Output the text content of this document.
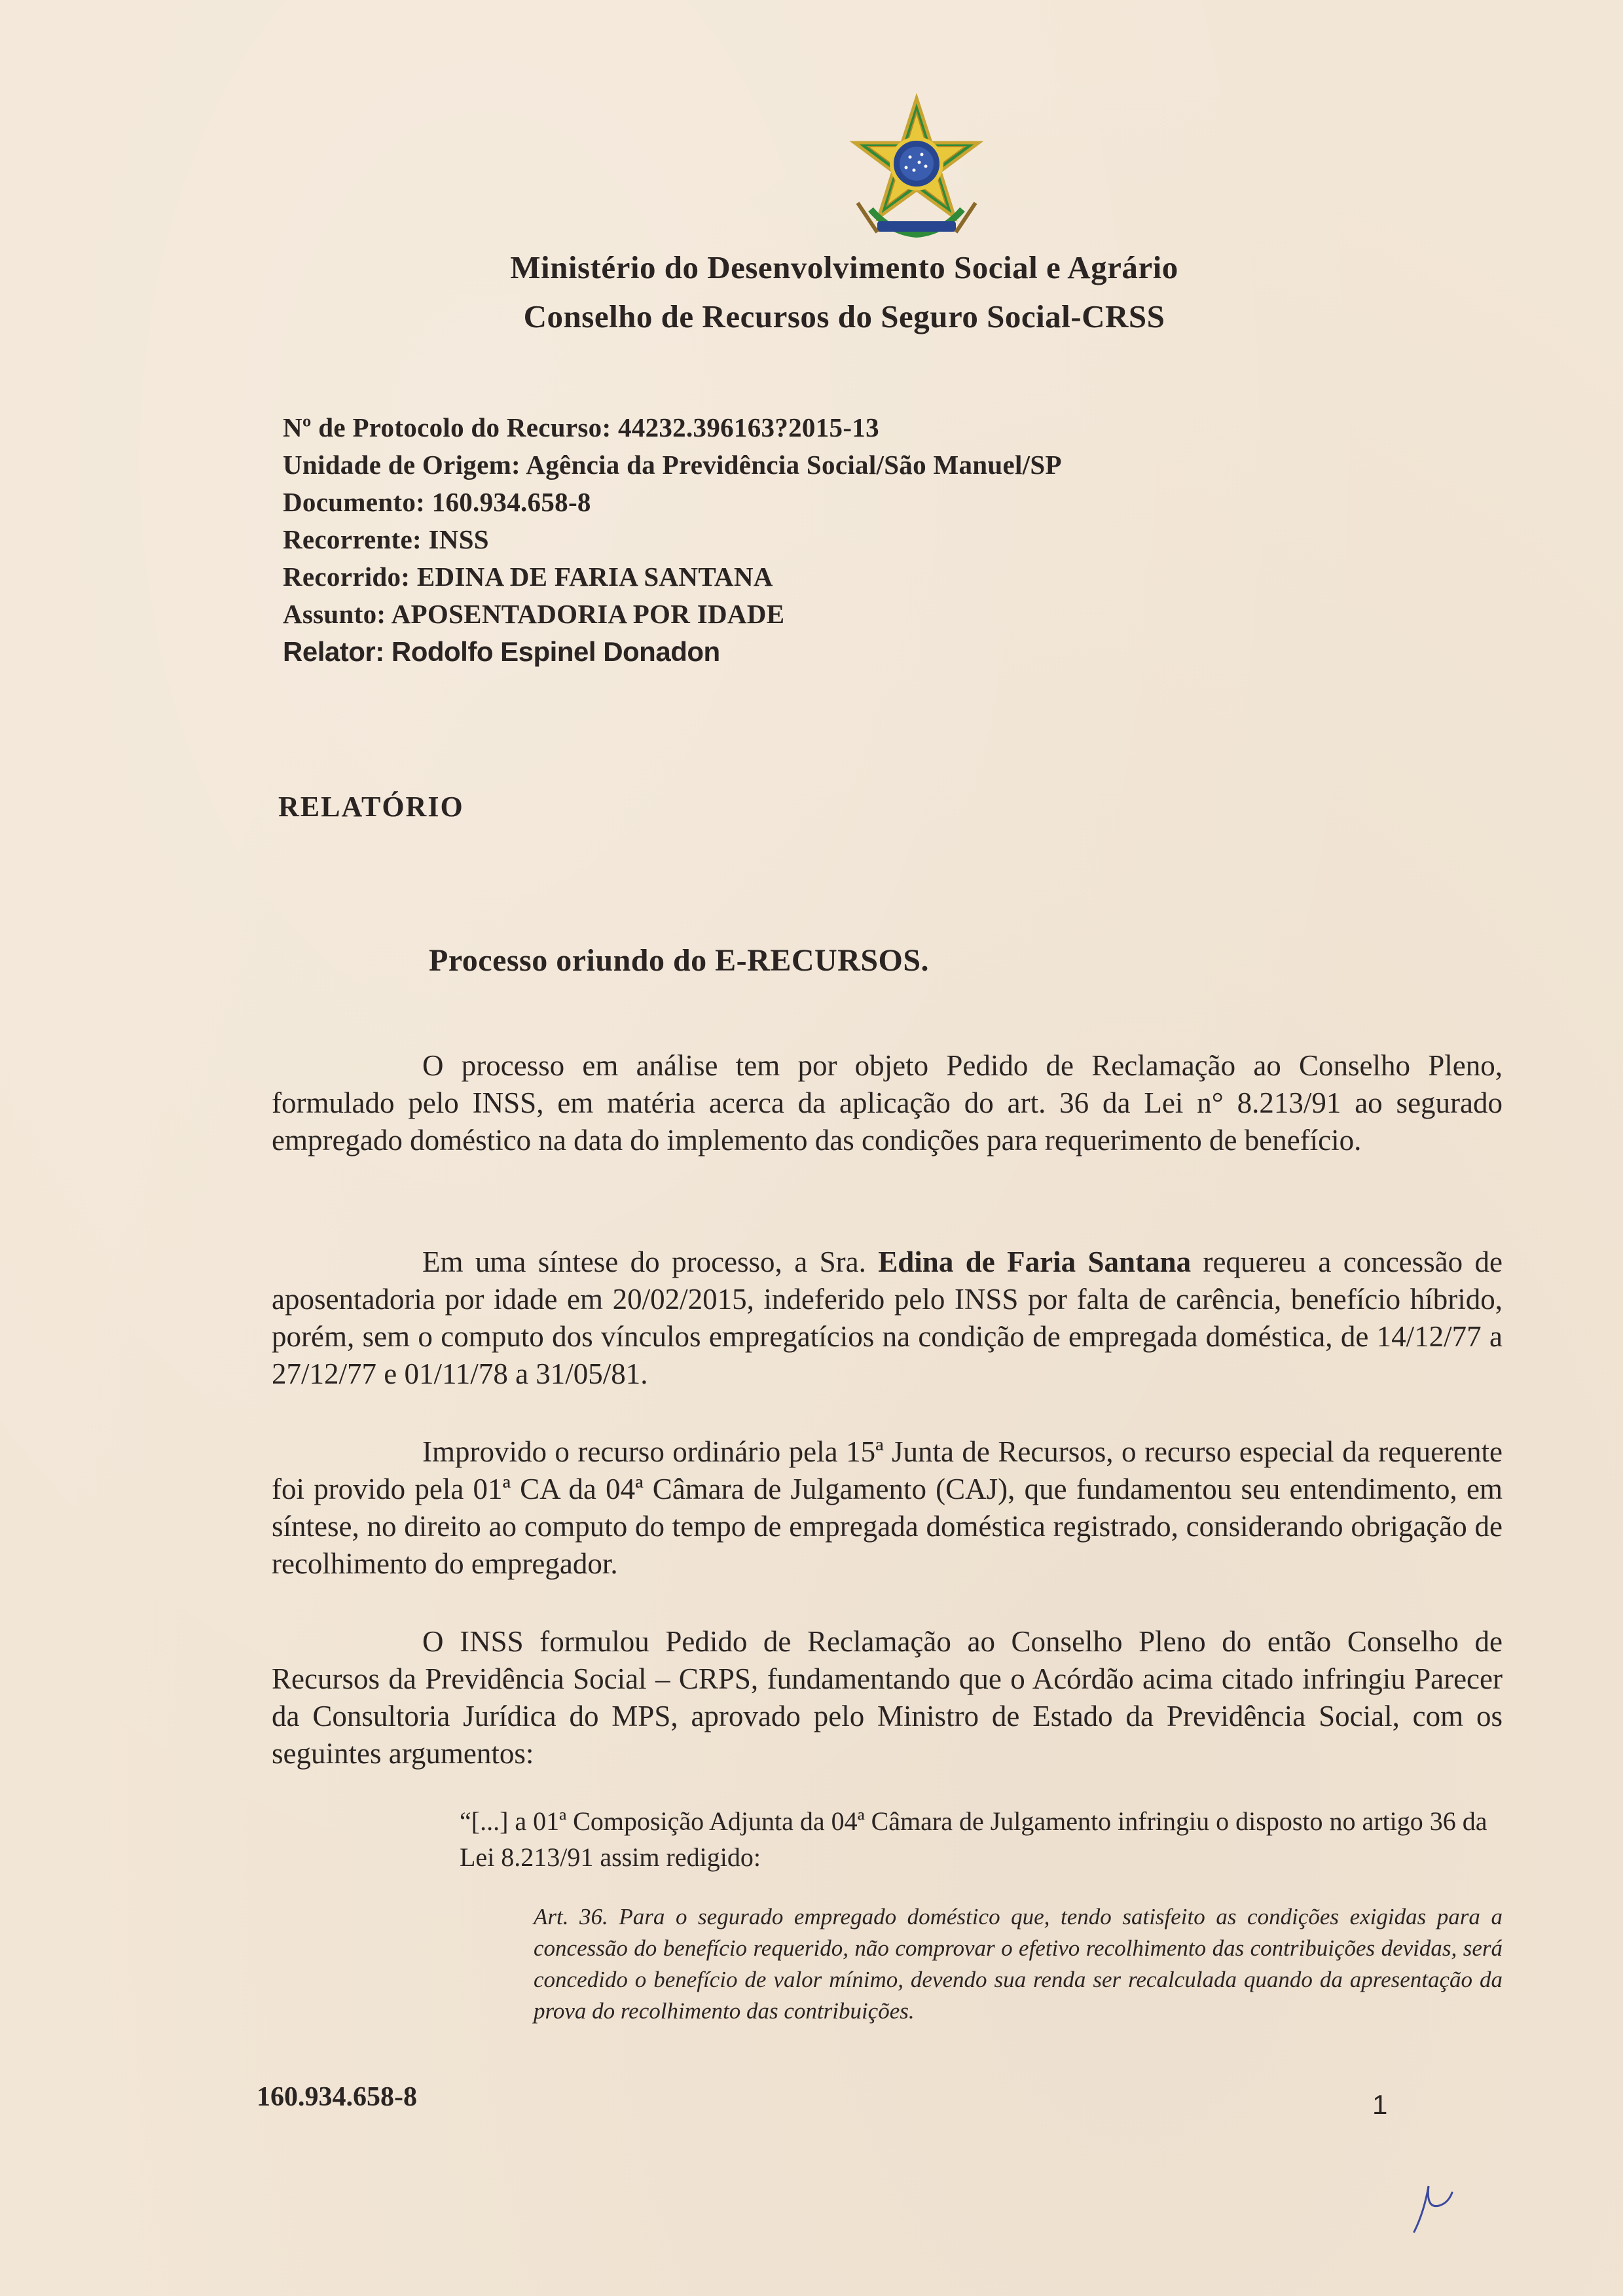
Ministério do Desenvolvimento Social e Agrário
Conselho de Recursos do Seguro Social-CRSS
Nº de Protocolo do Recurso: 44232.396163?2015-13
Unidade de Origem: Agência da Previdência Social/São Manuel/SP
Documento: 160.934.658-8
Recorrente: INSS
Recorrido: EDINA DE FARIA SANTANA
Assunto: APOSENTADORIA POR IDADE
Relator: Rodolfo Espinel Donadon
RELATÓRIO
Processo oriundo do E-RECURSOS.

O processo em análise tem por objeto Pedido de Reclamação ao Conselho Pleno, formulado pelo INSS, em matéria acerca da aplicação do art. 36 da Lei n° 8.213/91 ao segurado empregado doméstico na data do implemento das condições para requerimento de benefício.

Em uma síntese do processo, a Sra. Edina de Faria Santana requereu a concessão de aposentadoria por idade em 20/02/2015, indeferido pelo INSS por falta de carência, benefício híbrido, porém, sem o computo dos vínculos empregatícios na condição de empregada doméstica, de 14/12/77 a 27/12/77 e 01/11/78 a 31/05/81.

Improvido o recurso ordinário pela 15ª Junta de Recursos, o recurso especial da requerente foi provido pela 01ª CA da 04ª Câmara de Julgamento (CAJ), que fundamentou seu entendimento, em síntese, no direito ao computo do tempo de empregada doméstica registrado, considerando obrigação de recolhimento do empregador.

O INSS formulou Pedido de Reclamação ao Conselho Pleno do então Conselho de Recursos da Previdência Social – CRPS, fundamentando que o Acórdão acima citado infringiu Parecer da Consultoria Jurídica do MPS, aprovado pelo Ministro de Estado da Previdência Social, com os seguintes argumentos:

“[...] a 01ª Composição Adjunta da 04ª Câmara de Julgamento infringiu o disposto no artigo 36 da Lei 8.213/91 assim redigido:

Art. 36. Para o segurado empregado doméstico que, tendo satisfeito as condições exigidas para a concessão do benefício requerido, não comprovar o efetivo recolhimento das contribuições devidas, será concedido o benefício de valor mínimo, devendo sua renda ser recalculada quando da apresentação da prova do recolhimento das contribuições.

160.934.658-8	1
